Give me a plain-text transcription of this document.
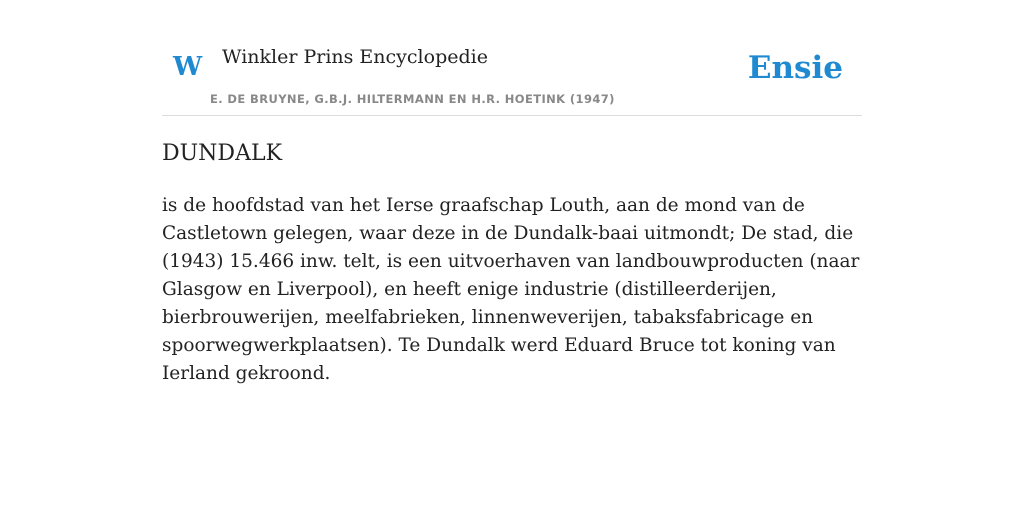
W Winkler Prins Encyclopedie
E. DE BRUYNE, G.B.J. HILTERMANN EN H.R. HOETINK (1947)
Ensie
DUNDALK

is de hoofdstad van het Ierse graafschap Louth, aan de mond van de Castletown gelegen, waar deze in de Dundalk-baai uitmondt; De stad, die (1943) 15.466 inw. telt, is een uitvoerhaven van landbouwproducten (naar Glasgow en Liverpool), en heeft enige industrie (distilleerderijen, bierbrouwerijen, meelfabrieken, linnenweverijen, tabaksfabricage en spoorwegwerkplaatsen). Te Dundalk werd Eduard Bruce tot koning van Ierland gekroond.
